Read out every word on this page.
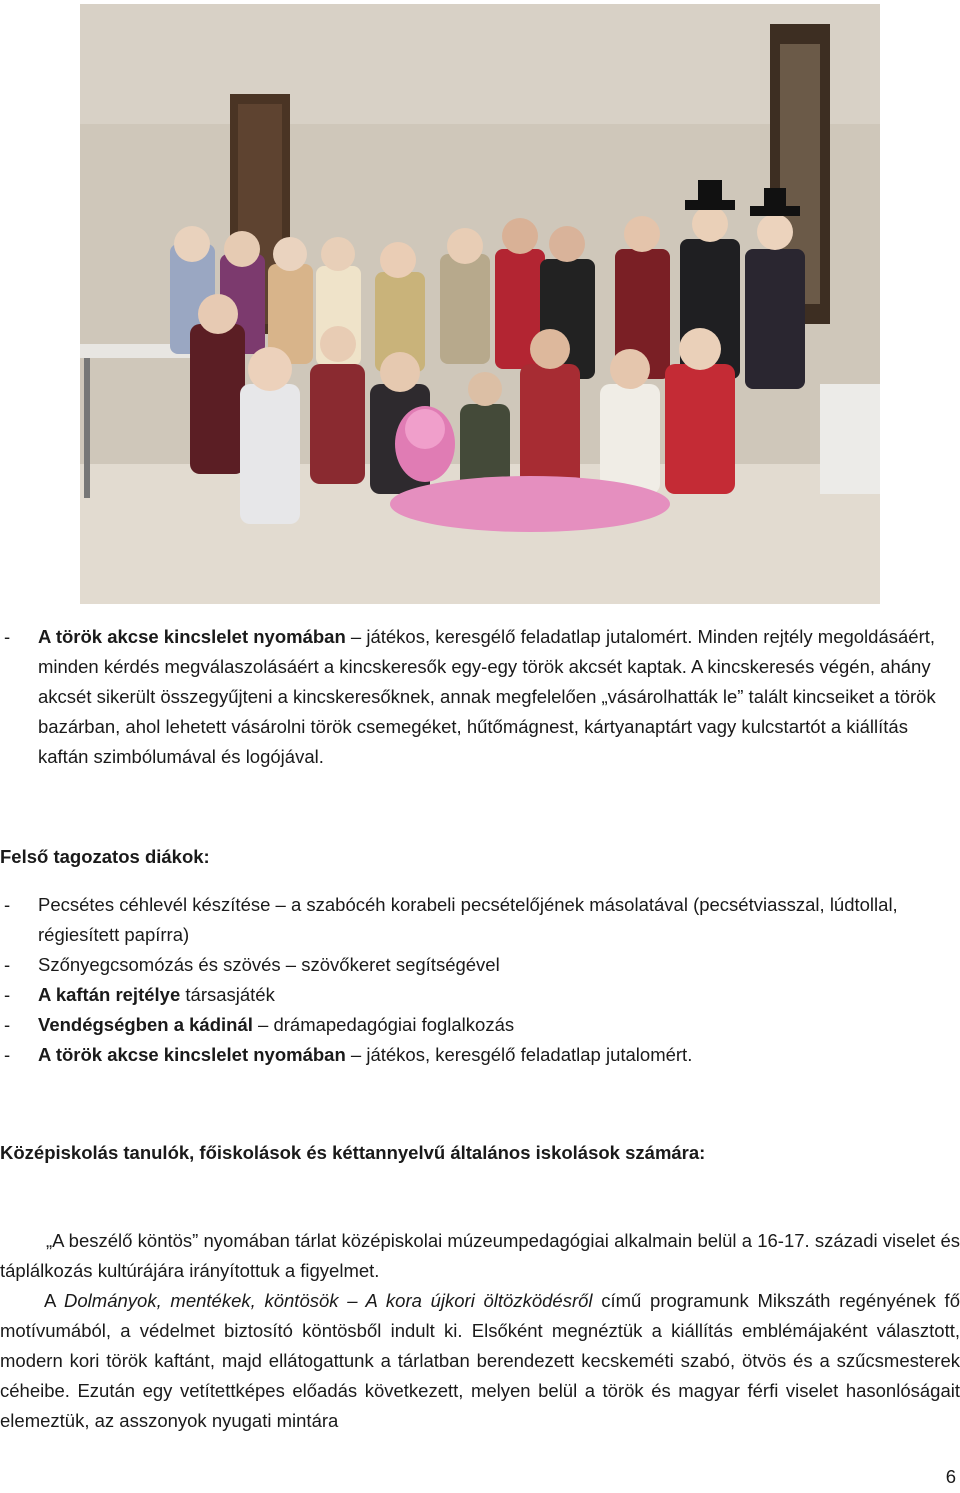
- A török akcse kincslelet nyomában – játékos, keresgélő feladatlap jutalomért. Minden rejtély megoldásáért, minden kérdés megválaszolásáért a kincskeresők egy-egy török akcsét kaptak. A kincskeresés végén, ahány akcsét sikerült összegyűjteni a kincskeresőknek, annak megfelelően „vásárolhatták le” talált kincseiket a török bazárban, ahol lehetett vásárolni török csemegéket, hűtőmágnest, kártyanaptárt vagy kulcstartót a kiállítás kaftán szimbólumával és logójával.
Felső tagozatos diákok:
- Pecsétes céhlevél készítése – a szabócéh korabeli pecsételőjének másolatával (pecsétviasszal, lúdtollal, régiesített papírra)
- Szőnyegcsomózás és szövés – szövőkeret segítségével
- A kaftán rejtélye társasjáték
- Vendégségben a kádinál – drámapedagógiai foglalkozás
- A török akcse kincslelet nyomában – játékos, keresgélő feladatlap jutalomért.
Középiskolás tanulók, főiskolások és kéttannyelvű általános iskolások számára:
„A beszélő köntös” nyomában tárlat középiskolai múzeumpedagógiai alkalmain belül a 16-17. századi viselet és táplálkozás kultúrájára irányítottuk a figyelmet.
A Dolmányok, mentékek, köntösök – A kora újkori öltözködésről című programunk Mikszáth regényének fő motívumából, a védelmet biztosító köntösből indult ki. Elsőként megnéztük a kiállítás emblémájaként választott, modern kori török kaftánt, majd ellátogattunk a tárlatban berendezett kecskeméti szabó, ötvös és a szűcsmesterek céheibe. Ezután egy vetítettképes előadás következett, melyen belül a török és magyar férfi viselet hasonlóságait elemeztük, az asszonyok nyugati mintára
6
